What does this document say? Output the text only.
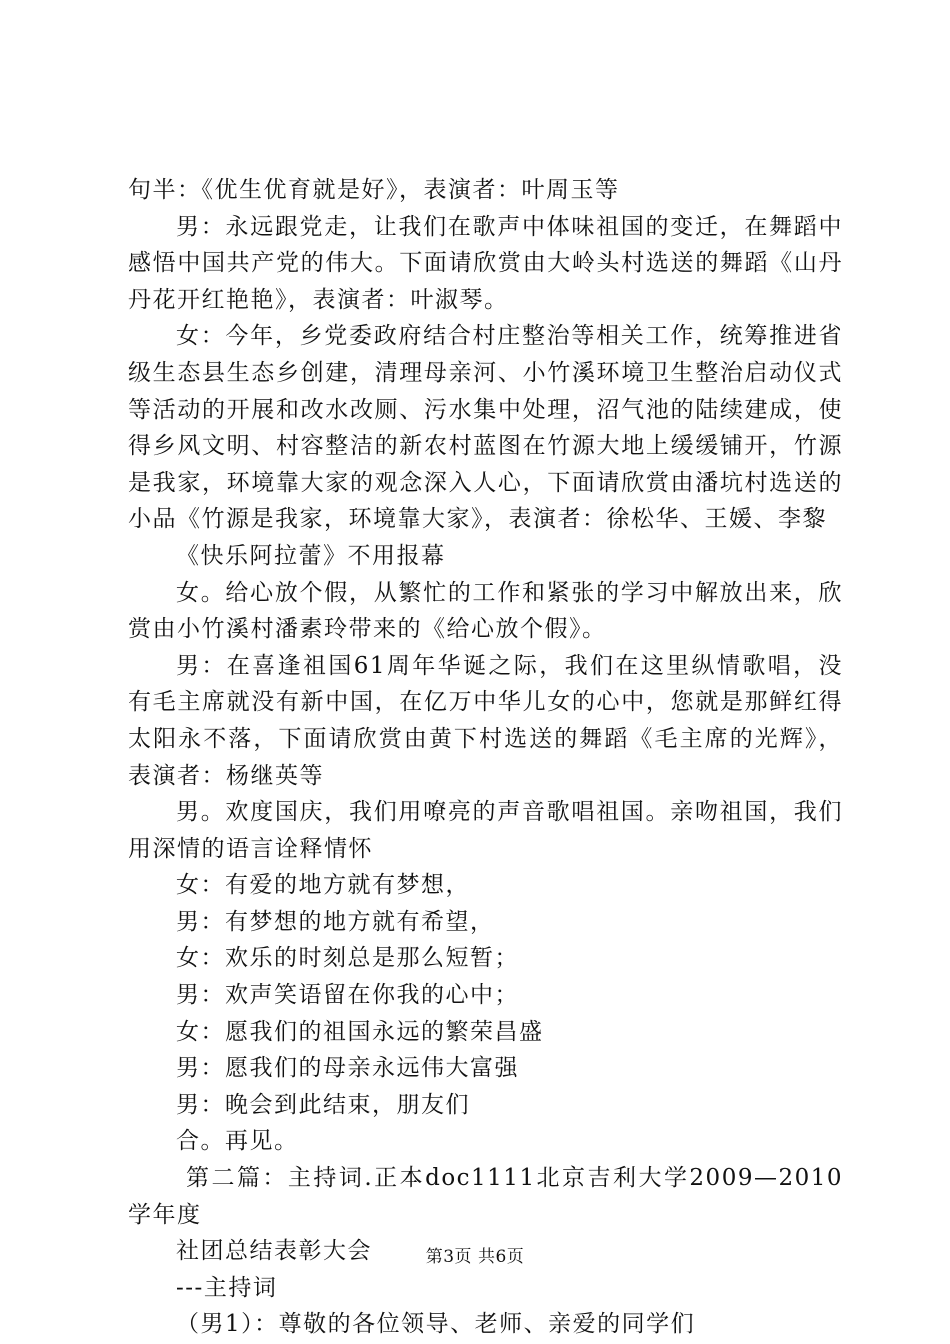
句半：《优生优育就是好》，表演者：叶周玉等

男：永远跟党走，让我们在歌声中体味祖国的变迁，在舞蹈中感悟中国共产党的伟大。下面请欣赏由大岭头村选送的舞蹈《山丹丹花开红艳艳》，表演者：叶淑琴。

女：今年，乡党委政府结合村庄整治等相关工作，统筹推进省级生态县生态乡创建，清理母亲河、小竹溪环境卫生整治启动仪式等活动的开展和改水改厕、污水集中处理，沼气池的陆续建成，使得乡风文明、村容整洁的新农村蓝图在竹源大地上缓缓铺开，竹源是我家，环境靠大家的观念深入人心，下面请欣赏由潘坑村选送的小品《竹源是我家，环境靠大家》，表演者：徐松华、王媛、李黎

《快乐阿拉蕾》不用报幕

女。给心放个假，从繁忙的工作和紧张的学习中解放出来，欣赏由小竹溪村潘素玲带来的《给心放个假》。

男：在喜逢祖国61周年华诞之际，我们在这里纵情歌唱，没有毛主席就没有新中国，在亿万中华儿女的心中，您就是那鲜红得太阳永不落，下面请欣赏由黄下村选送的舞蹈《毛主席的光辉》，表演者：杨继英等

男。欢度国庆，我们用嘹亮的声音歌唱祖国。亲吻祖国，我们用深情的语言诠释情怀

女：有爱的地方就有梦想，

男：有梦想的地方就有希望，

女：欢乐的时刻总是那么短暂；

男：欢声笑语留在你我的心中；

女：愿我们的祖国永远的繁荣昌盛

男：愿我们的母亲永远伟大富强

男：晚会到此结束，朋友们

合。再见。

第二篇：主持词.正本doc1111北京吉利大学2009—2010学年度

社团总结表彰大会

---主持词

（男1）：尊敬的各位领导、老师、亲爱的同学们

第3页 共6页
